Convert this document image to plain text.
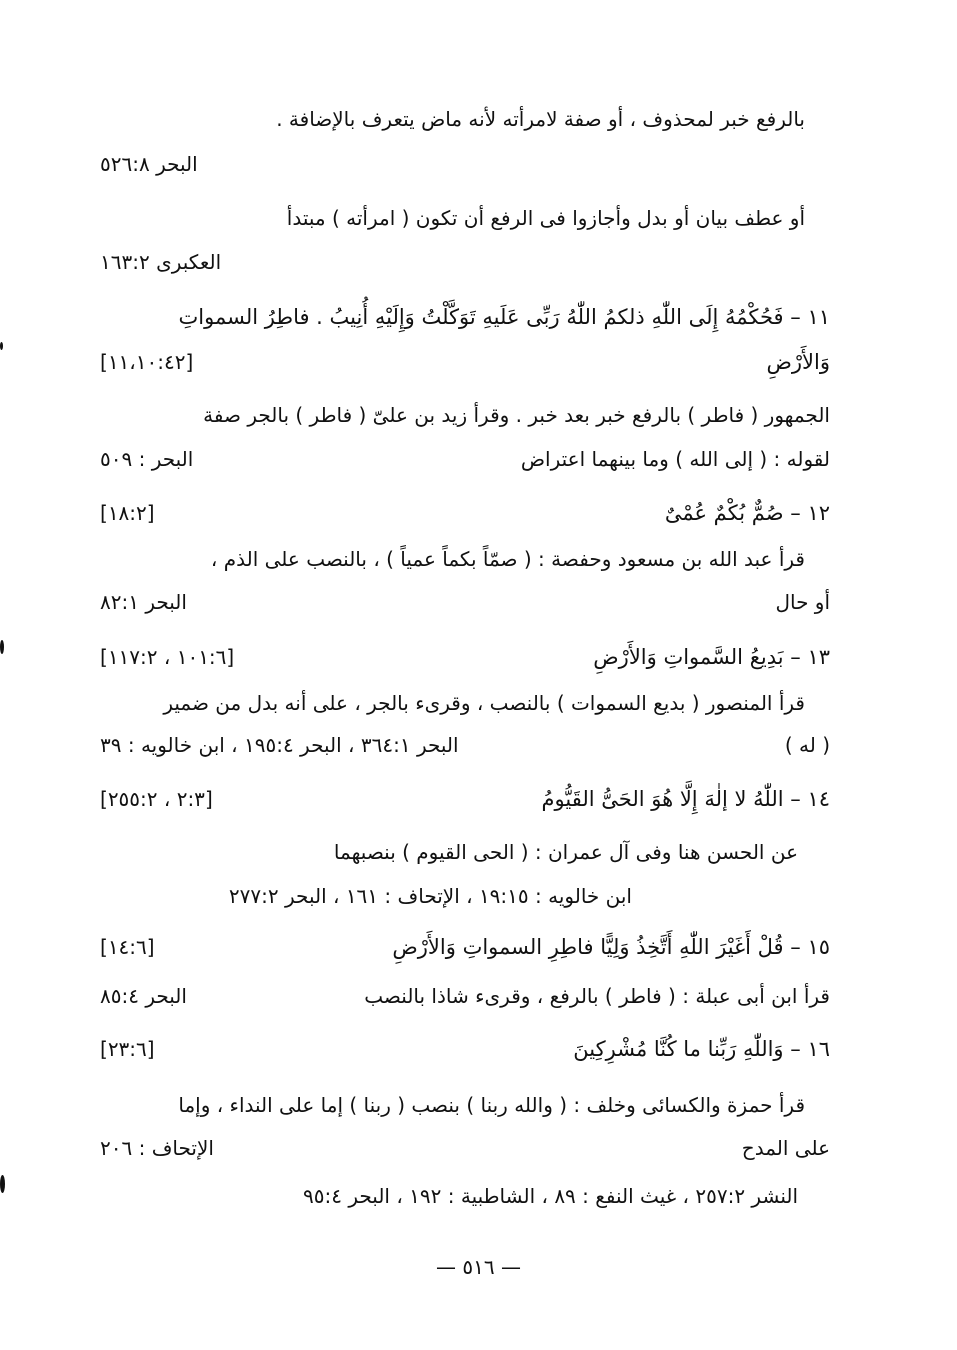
بالرفع خبر لمحذوف ، أو صفة لامرأته لأنه ماض يتعرف بالإضافة .
البحر ٥٢٦:٨
أو عطف بيان أو بدل وأجازوا فى الرفع أن تكون ( امرأته ) مبتدأ
العكبرى ١٦٣:٢
١١ – فَحُكْمُهُ إِلَى اللّٰهِ ذلكمُ اللّٰهُ رَبِّى عَلَيهِ تَوَكَّلْتُ وَإِلَيْهِ أُنِيبُ . فاطِرُ السمواتِ
وَالأَرْضِ
[١١،١٠:٤٢]
الجمهور ( فاطر ) بالرفع خبر بعد خبر . وقرأ زيد بن علىّ ( فاطر ) بالجر صفة
لقوله : ( إلى الله ) وما بينهما اعتراض
البحر : ٥٠٩
١٢ – صُمٌّ بُكْمٌ عُمْىٌ
[١٨:٢]
قرأ عبد الله بن مسعود وحفصة : ( صمّاً بكماً عمياً ) ، بالنصب على الذم ،
أو حال
البحر ٨٢:١
١٣ – بَدِيعُ السَّمواتِ وَالأَرْضِ
[١٠١:٦ ، ١١٧:٢]
قرأ المنصور ( بديع السموات ) بالنصب ، وقرىء بالجر ، على أنه بدل من ضمير
( له )
البحر ٣٦٤:١ ، البحر ١٩٥:٤ ، ابن خالويه : ٣٩
١٤ – اللّٰهُ لا إلٰهَ إِلَّا هُوَ الحَىُّ القَيُّومُ
[٢:٣ ، ٢٥٥:٢]
عن الحسن هنا وفى آل عمران : ( الحى القيوم ) بنصبهما
ابن خالويه : ١٩:١٥ ، الإتحاف : ١٦١ ، البحر ٢٧٧:٢
١٥ – قُلْ أَغَيْرَ اللّٰهِ أَتَّخِذُ وَلِيًّا فاطِرِ السمواتِ وَالأَرْضِ
[١٤:٦]
قرأ ابن أبى عبلة : ( فاطر ) بالرفع ، وقرىء شاذا بالنصب
البحر ٨٥:٤
١٦ – وَاللّٰهِ رَبِّنا ما كُنَّا مُشْرِكِينَ
[٢٣:٦]
قرأ حمزة والكسائى وخلف : ( والله ربنا ) بنصب ( ربنا ) إما على النداء ، وإما
على المدح
الإتحاف : ٢٠٦
النشر ٢٥٧:٢ ، غيث النفع : ٨٩ ، الشاطبية : ١٩٢ ، البحر ٩٥:٤
— ٥١٦ —
